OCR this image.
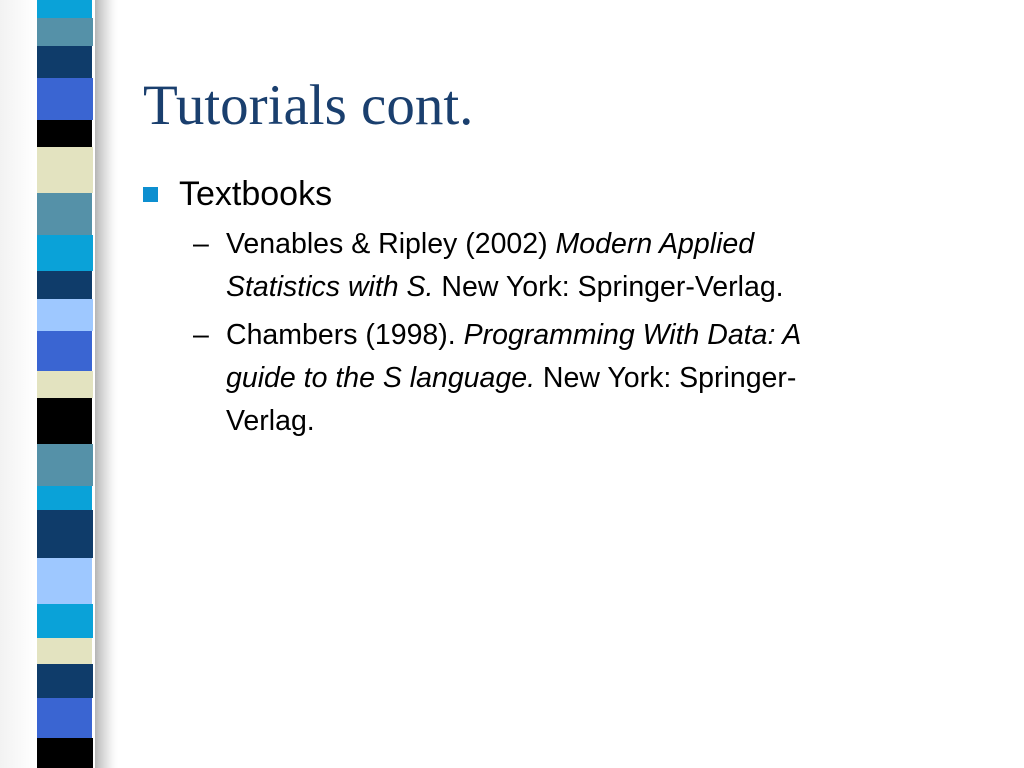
Tutorials cont.
Textbooks
– Venables & Ripley (2002) Modern Applied
Statistics with S. New York: Springer-Verlag.
– Chambers (1998). Programming With Data: A
guide to the S language. New York: Springer-
Verlag.
